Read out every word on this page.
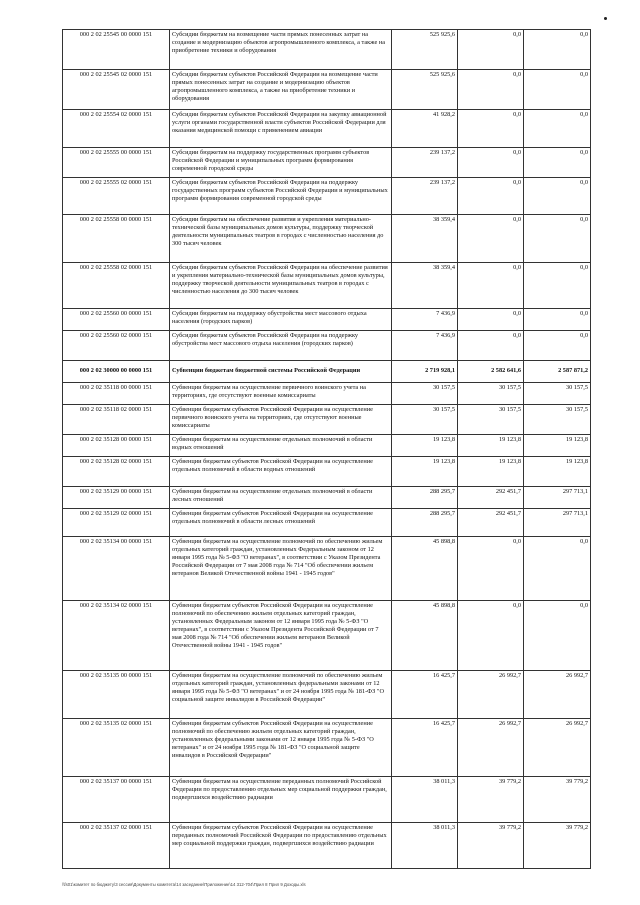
000 2 02 25545 00 0000 151	Субсидии бюджетам на возмещение части прямых понесенных затрат на создание и модернизацию объектов агропромышленного комплекса, а также на приобретение техники и оборудования	525 925,6	0,0	0,0
000 2 02 25545 02 0000 151	Субсидии бюджетам субъектов Российской Федерации на возмещение части прямых понесенных затрат на создание и модернизацию объектов агропромышленного комплекса, а также на приобретение техники и оборудования	525 925,6	0,0	0,0
000 2 02 25554 02 0000 151	Субсидии бюджетам субъектов Российской Федерации на закупку авиационной услуги органами государственной власти субъектов Российской Федерации для оказания медицинской помощи с применением авиации	41 928,2	0,0	0,0
000 2 02 25555 00 0000 151	Субсидии бюджетам на поддержку государственных программ субъектов Российской Федерации и муниципальных программ формирования современной городской среды	239 137,2	0,0	0,0
000 2 02 25555 02 0000 151	Субсидии бюджетам субъектов Российской Федерации на поддержку государственных программ субъектов Российской Федерации и муниципальных программ формирования современной городской среды	239 137,2	0,0	0,0
000 2 02 25558 00 0000 151	Субсидии бюджетам на обеспечение развития и укрепления материально-технической базы муниципальных домов культуры, поддержку творческой деятельности муниципальных театров в городах с численностью населения до 300 тысяч человек	38 359,4	0,0	0,0
000 2 02 25558 02 0000 151	Субсидии бюджетам субъектов Российской Федерации на обеспечение развития и укрепления материально-технической базы муниципальных домов культуры, поддержку творческой деятельности муниципальных театров в городах с численностью населения до 300 тысяч человек	38 359,4	0,0	0,0
000 2 02 25560 00 0000 151	Субсидии бюджетам на поддержку обустройства мест массового отдыха населения (городских парков)	7 436,9	0,0	0,0
000 2 02 25560 02 0000 151	Субсидии бюджетам субъектов Российской Федерации на поддержку обустройства мест массового отдыха населения (городских парков)	7 436,9	0,0	0,0
000 2 02 30000 00 0000 151	Субвенции бюджетам бюджетной системы Российской Федерации	2 719 928,1	2 582 641,6	2 587 871,2
000 2 02 35118 00 0000 151	Субвенции бюджетам на осуществление первичного воинского учета на территориях, где отсутствуют военные комиссариаты	30 157,5	30 157,5	30 157,5
000 2 02 35118 02 0000 151	Субвенции бюджетам субъектов Российской Федерации на осуществление первичного воинского учета на территориях, где отсутствуют военные комиссариаты	30 157,5	30 157,5	30 157,5
000 2 02 35128 00 0000 151	Субвенции бюджетам на осуществление отдельных полномочий в области водных отношений	19 123,8	19 123,8	19 123,8
000 2 02 35128 02 0000 151	Субвенции бюджетам субъектов Российской Федерации на осуществление отдельных полномочий в области водных отношений	19 123,8	19 123,8	19 123,8
000 2 02 35129 00 0000 151	Субвенции бюджетам на осуществление отдельных полномочий в области лесных отношений	288 295,7	292 451,7	297 713,1
000 2 02 35129 02 0000 151	Субвенции бюджетам субъектов Российской Федерации на осуществление отдельных полномочий в области лесных отношений	288 295,7	292 451,7	297 713,1
000 2 02 35134 00 0000 151	Субвенции бюджетам на осуществление полномочий по обеспечению жильем отдельных категорий граждан, установленных Федеральным законом от 12 января 1995 года № 5-ФЗ "О ветеранах", в соответствии с Указом Президента Российской Федерации от 7 мая 2008 года № 714 "Об обеспечении жильем ветеранов Великой Отечественной войны 1941 - 1945 годов"	45 898,8	0,0	0,0
000 2 02 35134 02 0000 151	Субвенции бюджетам субъектов Российской Федерации на осуществление полномочий по обеспечению жильем отдельных категорий граждан, установленных Федеральным законом от 12 января 1995 года № 5-ФЗ "О ветеранах", в соответствии с Указом Президента Российской Федерации от 7 мая 2008 года № 714 "Об обеспечении жильем ветеранов Великой Отечественной войны 1941 - 1945 годов"	45 898,8	0,0	0,0
000 2 02 35135 00 0000 151	Субвенции бюджетам на осуществление полномочий по обеспечению жильем отдельных категорий граждан, установленных федеральными законами от 12 января 1995 года № 5-ФЗ "О ветеранах" и от 24 ноября 1995 года № 181-ФЗ "О социальной защите инвалидов в Российской Федерации"	16 425,7	26 992,7	26 992,7
000 2 02 35135 02 0000 151	Субвенции бюджетам субъектов Российской Федерации на осуществление полномочий по обеспечению жильем отдельных категорий граждан, установленных федеральными законами от 12 января 1995 года № 5-ФЗ "О ветеранах" и от 24 ноября 1995 года № 181-ФЗ "О социальной защите инвалидов в Российской Федерации"	16 425,7	26 992,7	26 992,7
000 2 02 35137 00 0000 151	Субвенции бюджетам на осуществление переданных полномочий Российской Федерации по предоставлению отдельных мер социальной поддержки граждан, подвергшихся воздействию радиации	38 011,3	39 779,2	39 779,2
000 2 02 35137 02 0000 151	Субвенции бюджетам субъектов Российской Федерации на осуществление переданных полномочий Российской Федерации по предоставлению отдельных мер социальной поддержки граждан, подвергшихся воздействию радиации	38 011,3	39 779,2	39 779,2
\\fs01\комитет по бюджету\3 сессия\Документы комитета\14 заседание\Приложение\14 312-704\Прил 8 Прил 9 Доходы.xls
